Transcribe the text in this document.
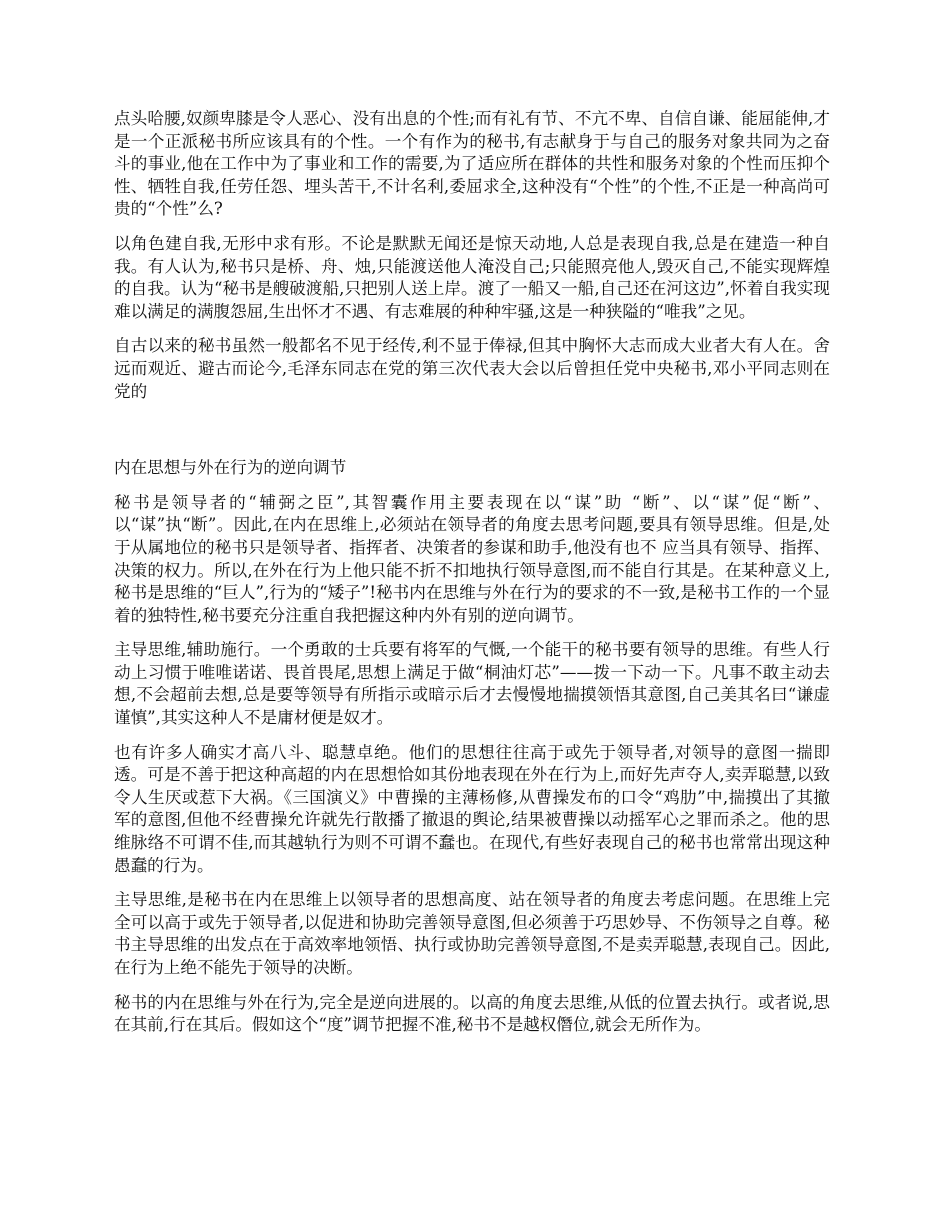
点头哈腰,奴颜卑膝是令人恶心、没有出息的个性;而有礼有节、不亢不卑、自信自谦、能屈能伸,才是一个正派秘书所应该具有的个性。一个有作为的秘书,有志献身于与自己的服务对象共同为之奋斗的事业,他在工作中为了事业和工作的需要,为了适应所在群体的共性和服务对象的个性而压抑个性、牺牲自我,任劳任怨、埋头苦干,不计名利,委屈求全,这种没有“个性”的个性,不正是一种高尚可贵的“个性”么?

以角色建自我,无形中求有形。不论是默默无闻还是惊天动地,人总是表现自我,总是在建造一种自我。有人认为,秘书只是桥、舟、烛,只能渡送他人淹没自己;只能照亮他人,毁灭自己,不能实现辉煌的自我。认为“秘书是艘破渡船,只把别人送上岸。渡了一船又一船,自己还在河这边”,怀着自我实现难以满足的满腹怨屈,生出怀才不遇、有志难展的种种牢骚,这是一种狭隘的“唯我”之见。

自古以来的秘书虽然一般都名不见于经传,利不显于俸禄,但其中胸怀大志而成大业者大有人在。舍远而观近、避古而论今,毛泽东同志在党的第三次代表大会以后曾担任党中央秘书,邓小平同志则在党的

内在思想与外在行为的逆向调节

秘书是领导者的“辅弼之臣”,其智囊作用主要表现在以“谋”助 “断”、以“谋”促“断”、以“谋”执“断”。因此,在内在思维上,必须站在领导者的角度去思考问题,要具有领导思维。但是,处于从属地位的秘书只是领导者、指挥者、决策者的参谋和助手,他没有也不 应当具有领导、指挥、决策的权力。所以,在外在行为上他只能不折不扣地执行领导意图,而不能自行其是。在某种意义上,秘书是思维的“巨人”,行为的“矮子”!秘书内在思维与外在行为的要求的不一致,是秘书工作的一个显着的独特性,秘书要充分注重自我把握这种内外有别的逆向调节。

主导思维,辅助施行。一个勇敢的士兵要有将军的气慨,一个能干的秘书要有领导的思维。有些人行动上习惯于唯唯诺诺、畏首畏尾,思想上满足于做“桐油灯芯”——拨一下动一下。凡事不敢主动去想,不会超前去想,总是要等领导有所指示或暗示后才去慢慢地揣摸领悟其意图,自己美其名曰“谦虚谨慎”,其实这种人不是庸材便是奴才。

也有许多人确实才高八斗、聪慧卓绝。他们的思想往往高于或先于领导者,对领导的意图一揣即透。可是不善于把这种高超的内在思想恰如其份地表现在外在行为上,而好先声夺人,卖弄聪慧,以致令人生厌或惹下大祸。《三国演义》中曹操的主薄杨修,从曹操发布的口令“鸡肋”中,揣摸出了其撤军的意图,但他不经曹操允许就先行散播了撤退的舆论,结果被曹操以动摇军心之罪而杀之。他的思维脉络不可谓不佳,而其越轨行为则不可谓不蠢也。在现代,有些好表现自己的秘书也常常出现这种愚蠢的行为。

主导思维,是秘书在内在思维上以领导者的思想高度、站在领导者的角度去考虑问题。在思维上完全可以高于或先于领导者,以促进和协助完善领导意图,但必须善于巧思妙导、不伤领导之自尊。秘书主导思维的出发点在于高效率地领悟、执行或协助完善领导意图,不是卖弄聪慧,表现自己。因此,在行为上绝不能先于领导的决断。

秘书的内在思维与外在行为,完全是逆向进展的。以高的角度去思维,从低的位置去执行。或者说,思在其前,行在其后。假如这个“度”调节把握不准,秘书不是越权僭位,就会无所作为。
